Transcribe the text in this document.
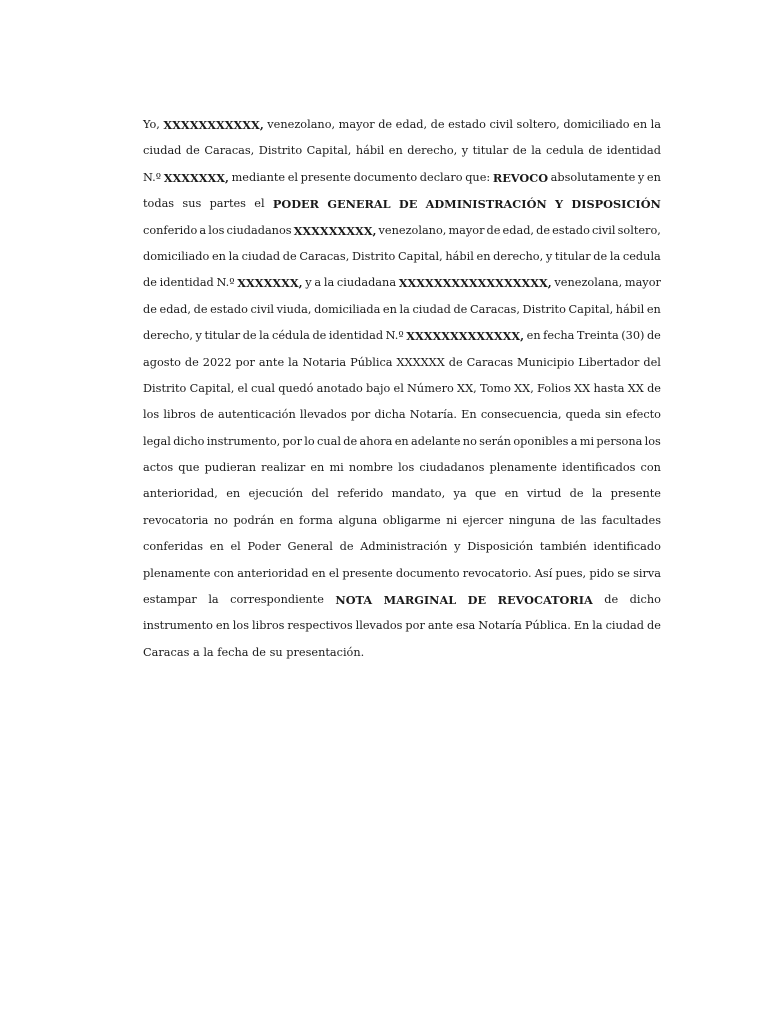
Yo, XXXXXXXXXXX, venezolano, mayor de edad, de estado civil soltero, domiciliado en la
ciudad de Caracas, Distrito Capital, hábil en derecho, y titular de la cedula de identidad
N.º XXXXXXX, mediante el presente documento declaro que: REVOCO absolutamente y en
todas sus partes el PODER GENERAL DE ADMINISTRACIÓN Y DISPOSICIÓN
conferido a los ciudadanos XXXXXXXXX, venezolano, mayor de edad, de estado civil soltero,
domiciliado en la ciudad de Caracas, Distrito Capital, hábil en derecho, y titular de la cedula
de identidad N.º XXXXXXX, y a la ciudadana XXXXXXXXXXXXXXXXX, venezolana, mayor
de edad, de estado civil viuda, domiciliada en la ciudad de Caracas, Distrito Capital, hábil en
derecho, y titular de la cédula de identidad N.º XXXXXXXXXXXXX, en fecha Treinta (30) de
agosto de 2022 por ante la Notaria Pública XXXXXX de Caracas Municipio Libertador del
Distrito Capital, el cual quedó anotado bajo el Número XX, Tomo XX, Folios XX hasta XX de
los libros de autenticación llevados por dicha Notaría. En consecuencia, queda sin efecto
legal dicho instrumento, por lo cual de ahora en adelante no serán oponibles a mi persona los
actos que pudieran realizar en mi nombre los ciudadanos plenamente identificados con
anterioridad, en ejecución del referido mandato, ya que en virtud de la presente
revocatoria no podrán en forma alguna obligarme ni ejercer ninguna de las facultades
conferidas en el Poder General de Administración y Disposición también identificado
plenamente con anterioridad en el presente documento revocatorio. Así pues, pido se sirva
estampar la correspondiente NOTA MARGINAL DE REVOCATORIA de dicho
instrumento en los libros respectivos llevados por ante esa Notaría Pública. En la ciudad de
Caracas
a
la
fecha
de
su
presentación.
